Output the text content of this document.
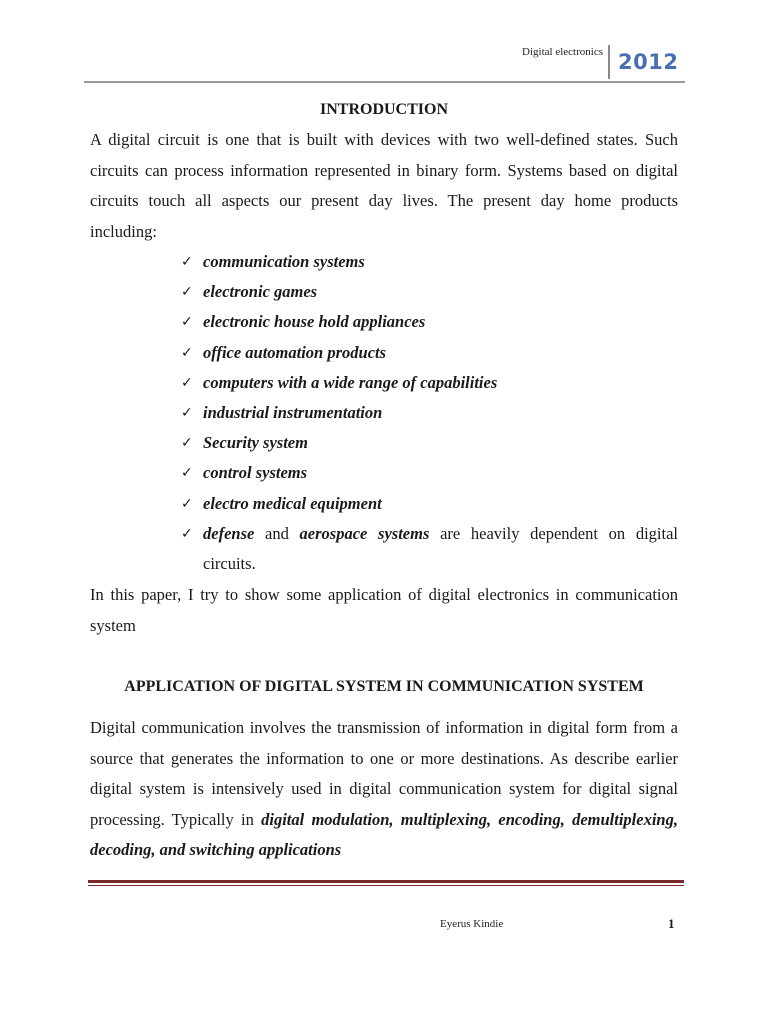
Digital electronics 2012
INTRODUCTION

A digital circuit is one that is built with devices with two well-defined states. Such circuits can process information represented in binary form. Systems based on digital circuits touch all aspects our present day lives. The present day home products including:

✓ communication systems
✓ electronic games
✓ electronic house hold appliances
✓ office automation products
✓ computers with a wide range of capabilities
✓ industrial instrumentation
✓ Security system
✓ control systems
✓ electro medical equipment
✓ defense and aerospace systems are heavily dependent on digital circuits.

In this paper, I try to show some application of digital electronics in communication system

APPLICATION OF DIGITAL SYSTEM IN COMMUNICATION SYSTEM

Digital communication involves the transmission of information in digital form from a source that generates the information to one or more destinations. As describe earlier digital system is intensively used in digital communication system for digital signal processing. Typically in digital modulation, multiplexing, encoding, demultiplexing, decoding, and switching applications

Eyerus Kindie	1
